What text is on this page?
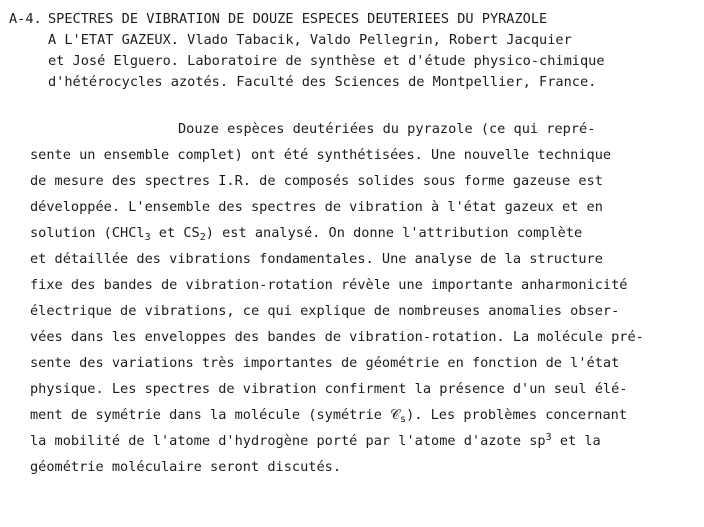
A-4. SPECTRES DE VIBRATION DE DOUZE ESPECES DEUTERIEES DU PYRAZOLE
A L'ETAT GAZEUX. Vlado Tabacik, Valdo Pellegrin, Robert Jacquier
et José Elguero. Laboratoire de synthèse et d'étude physico-chimique
d'hétérocycles azotés. Faculté des Sciences de Montpellier, France.
Douze espèces deutériées du pyrazole (ce qui repré-
sente un ensemble complet) ont été synthétisées. Une nouvelle technique
de mesure des spectres I.R. de composés solides sous forme gazeuse est
développée. L'ensemble des spectres de vibration à l'état gazeux et en
solution (CHCl$_3$ et $CS_2$) est analysé. On donne l'attribution complète
et détaillée des vibrations fondamentales. Une analyse de la structure
fixe des bandes de vibration-rotation révèle une importante anharmonicité
électrique de vibrations, ce qui explique de nombreuses anomalies obser-
vées dans les enveloppes des bandes de vibration-rotation. La molécule pré-
sente des variations très importantes de géométrie en fonction de l'état
physique. Les spectres de vibration confirment la présence d'un seul élé-
ment de symétrie dans la molécule (symétrie 𝒞$_s$). Les problèmes concernant
la mobilité de l'atome d'hydrogène porté par l'atome d'azote $sp^3$ et la
géométrie moléculaire seront discutés.
